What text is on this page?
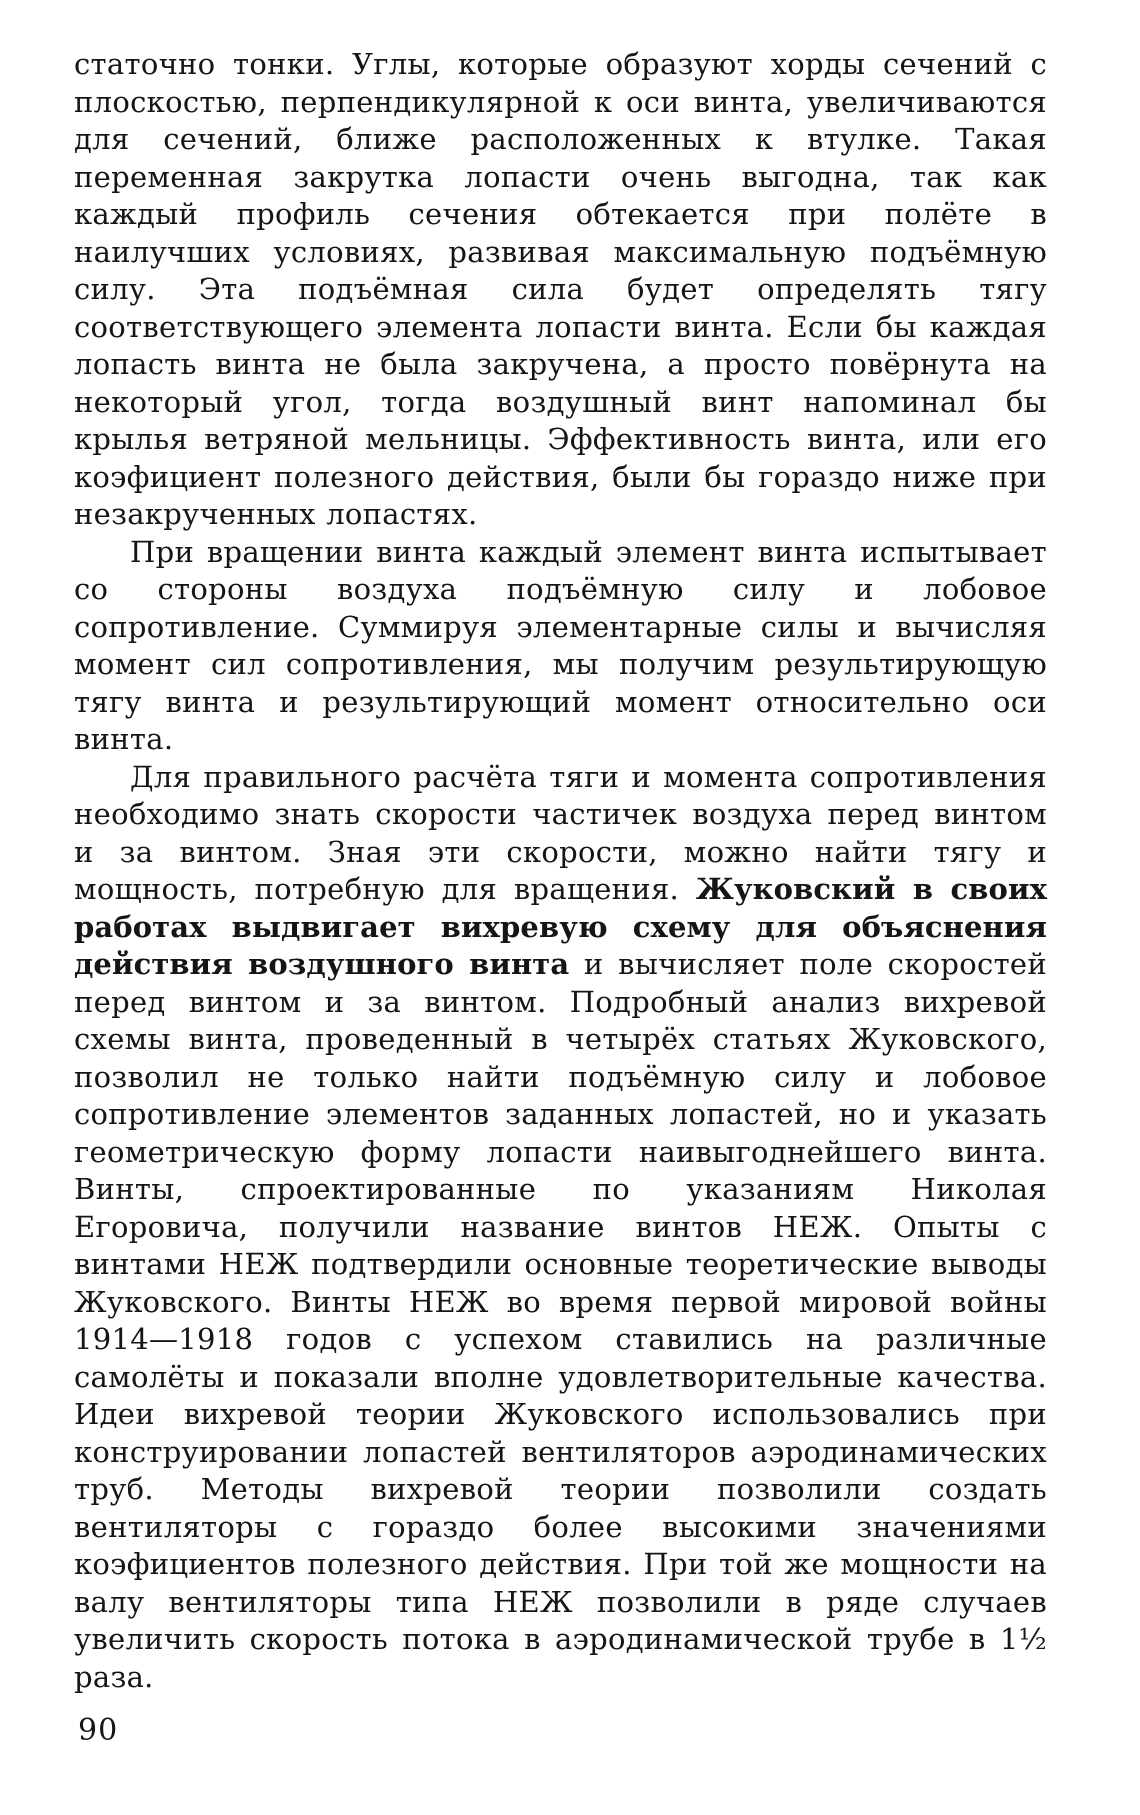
статочно тонки. Углы, которые образуют хорды сечений с плоскостью, перпендикулярной к оси винта, увеличиваются для сечений, ближе расположенных к втулке. Такая переменная закрутка лопасти очень выгодна, так как каждый профиль сечения обтекается при полёте в наилучших условиях, развивая максимальную подъёмную силу. Эта подъёмная сила будет определять тягу соответствующего элемента лопасти винта. Если бы каждая лопасть винта не была закручена, а просто повёрнута на некоторый угол, тогда воздушный винт напоминал бы крылья ветряной мельницы. Эффективность винта, или его коэфициент полезного действия, были бы гораздо ниже при незакрученных лопастях.

При вращении винта каждый элемент винта испытывает со стороны воздуха подъёмную силу и лобовое сопротивление. Суммируя элементарные силы и вычисляя момент сил сопротивления, мы получим результирующую тягу винта и результирующий момент относительно оси винта.

Для правильного расчёта тяги и момента сопротивления необходимо знать скорости частичек воздуха перед винтом и за винтом. Зная эти скорости, можно найти тягу и мощность, потребную для вращения. Жуковский в своих работах выдвигает вихревую схему для объяснения действия воздушного винта и вычисляет поле скоростей перед винтом и за винтом. Подробный анализ вихревой схемы винта, проведенный в четырёх статьях Жуковского, позволил не только найти подъёмную силу и лобовое сопротивление элементов заданных лопастей, но и указать геометрическую форму лопасти наивыгоднейшего винта. Винты, спроектированные по указаниям Николая Егоровича, получили название винтов НЕЖ. Опыты с винтами НЕЖ подтвердили основные теоретические выводы Жуковского. Винты НЕЖ во время первой мировой войны 1914—1918 годов с успехом ставились на различные самолёты и показали вполне удовлетворительные качества. Идеи вихревой теории Жуковского использовались при конструировании лопастей вентиляторов аэродинамических труб. Методы вихревой теории позволили создать вентиляторы с гораздо более высокими значениями коэфициентов полезного действия. При той же мощности на валу вентиляторы типа НЕЖ позволили в ряде случаев увеличить скорость потока в аэродинамической трубе в 1½ раза.

90
